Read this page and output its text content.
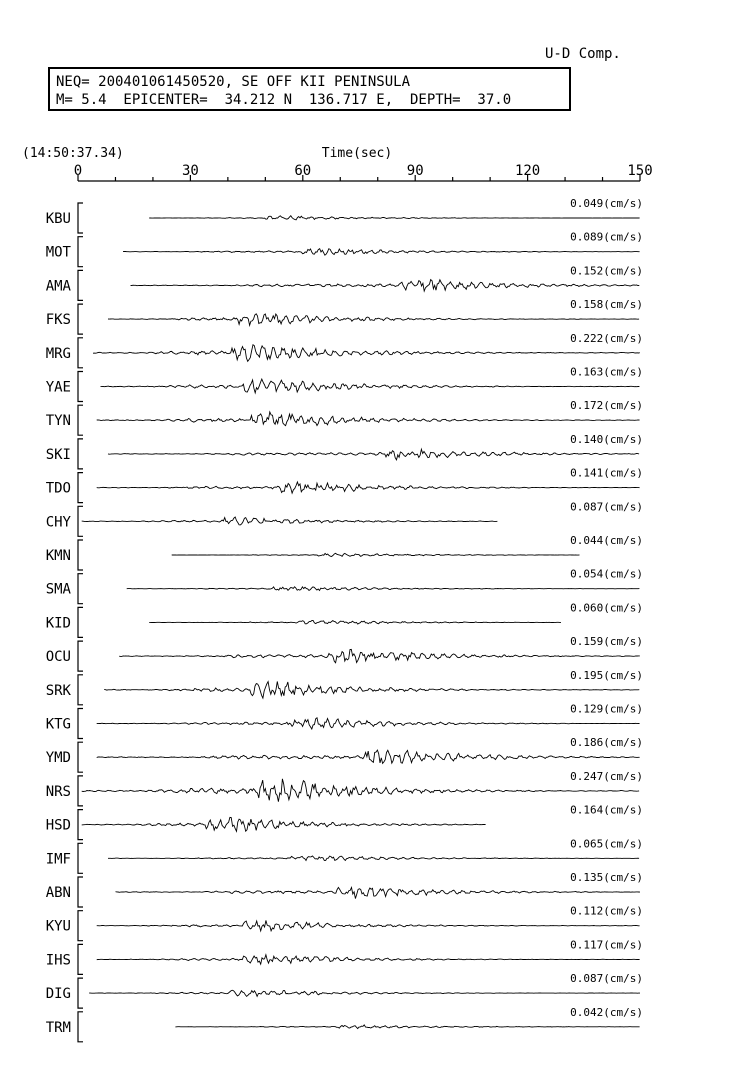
U-D Comp.
NEQ= 200401061450520, SE OFF KII PENINSULA
M= 5.4  EPICENTER=  34.212 N  136.717 E,  DEPTH=  37.0
(14:50:37.34)	Time(sec)
0	30	60	90	120	150
KBU
0.049(cm/s)
MOT
0.089(cm/s)
AMA
0.152(cm/s)
FKS
0.158(cm/s)
MRG
0.222(cm/s)
YAE
0.163(cm/s)
TYN
0.172(cm/s)
SKI
0.140(cm/s)
TDO
0.141(cm/s)
CHY
0.087(cm/s)
KMN
0.044(cm/s)
SMA
0.054(cm/s)
KID
0.060(cm/s)
OCU
0.159(cm/s)
SRK
0.195(cm/s)
KTG
0.129(cm/s)
YMD
0.186(cm/s)
NRS
0.247(cm/s)
HSD
0.164(cm/s)
IMF
0.065(cm/s)
ABN
0.135(cm/s)
KYU
0.112(cm/s)
IHS
0.117(cm/s)
DIG
0.087(cm/s)
TRM
0.042(cm/s)
